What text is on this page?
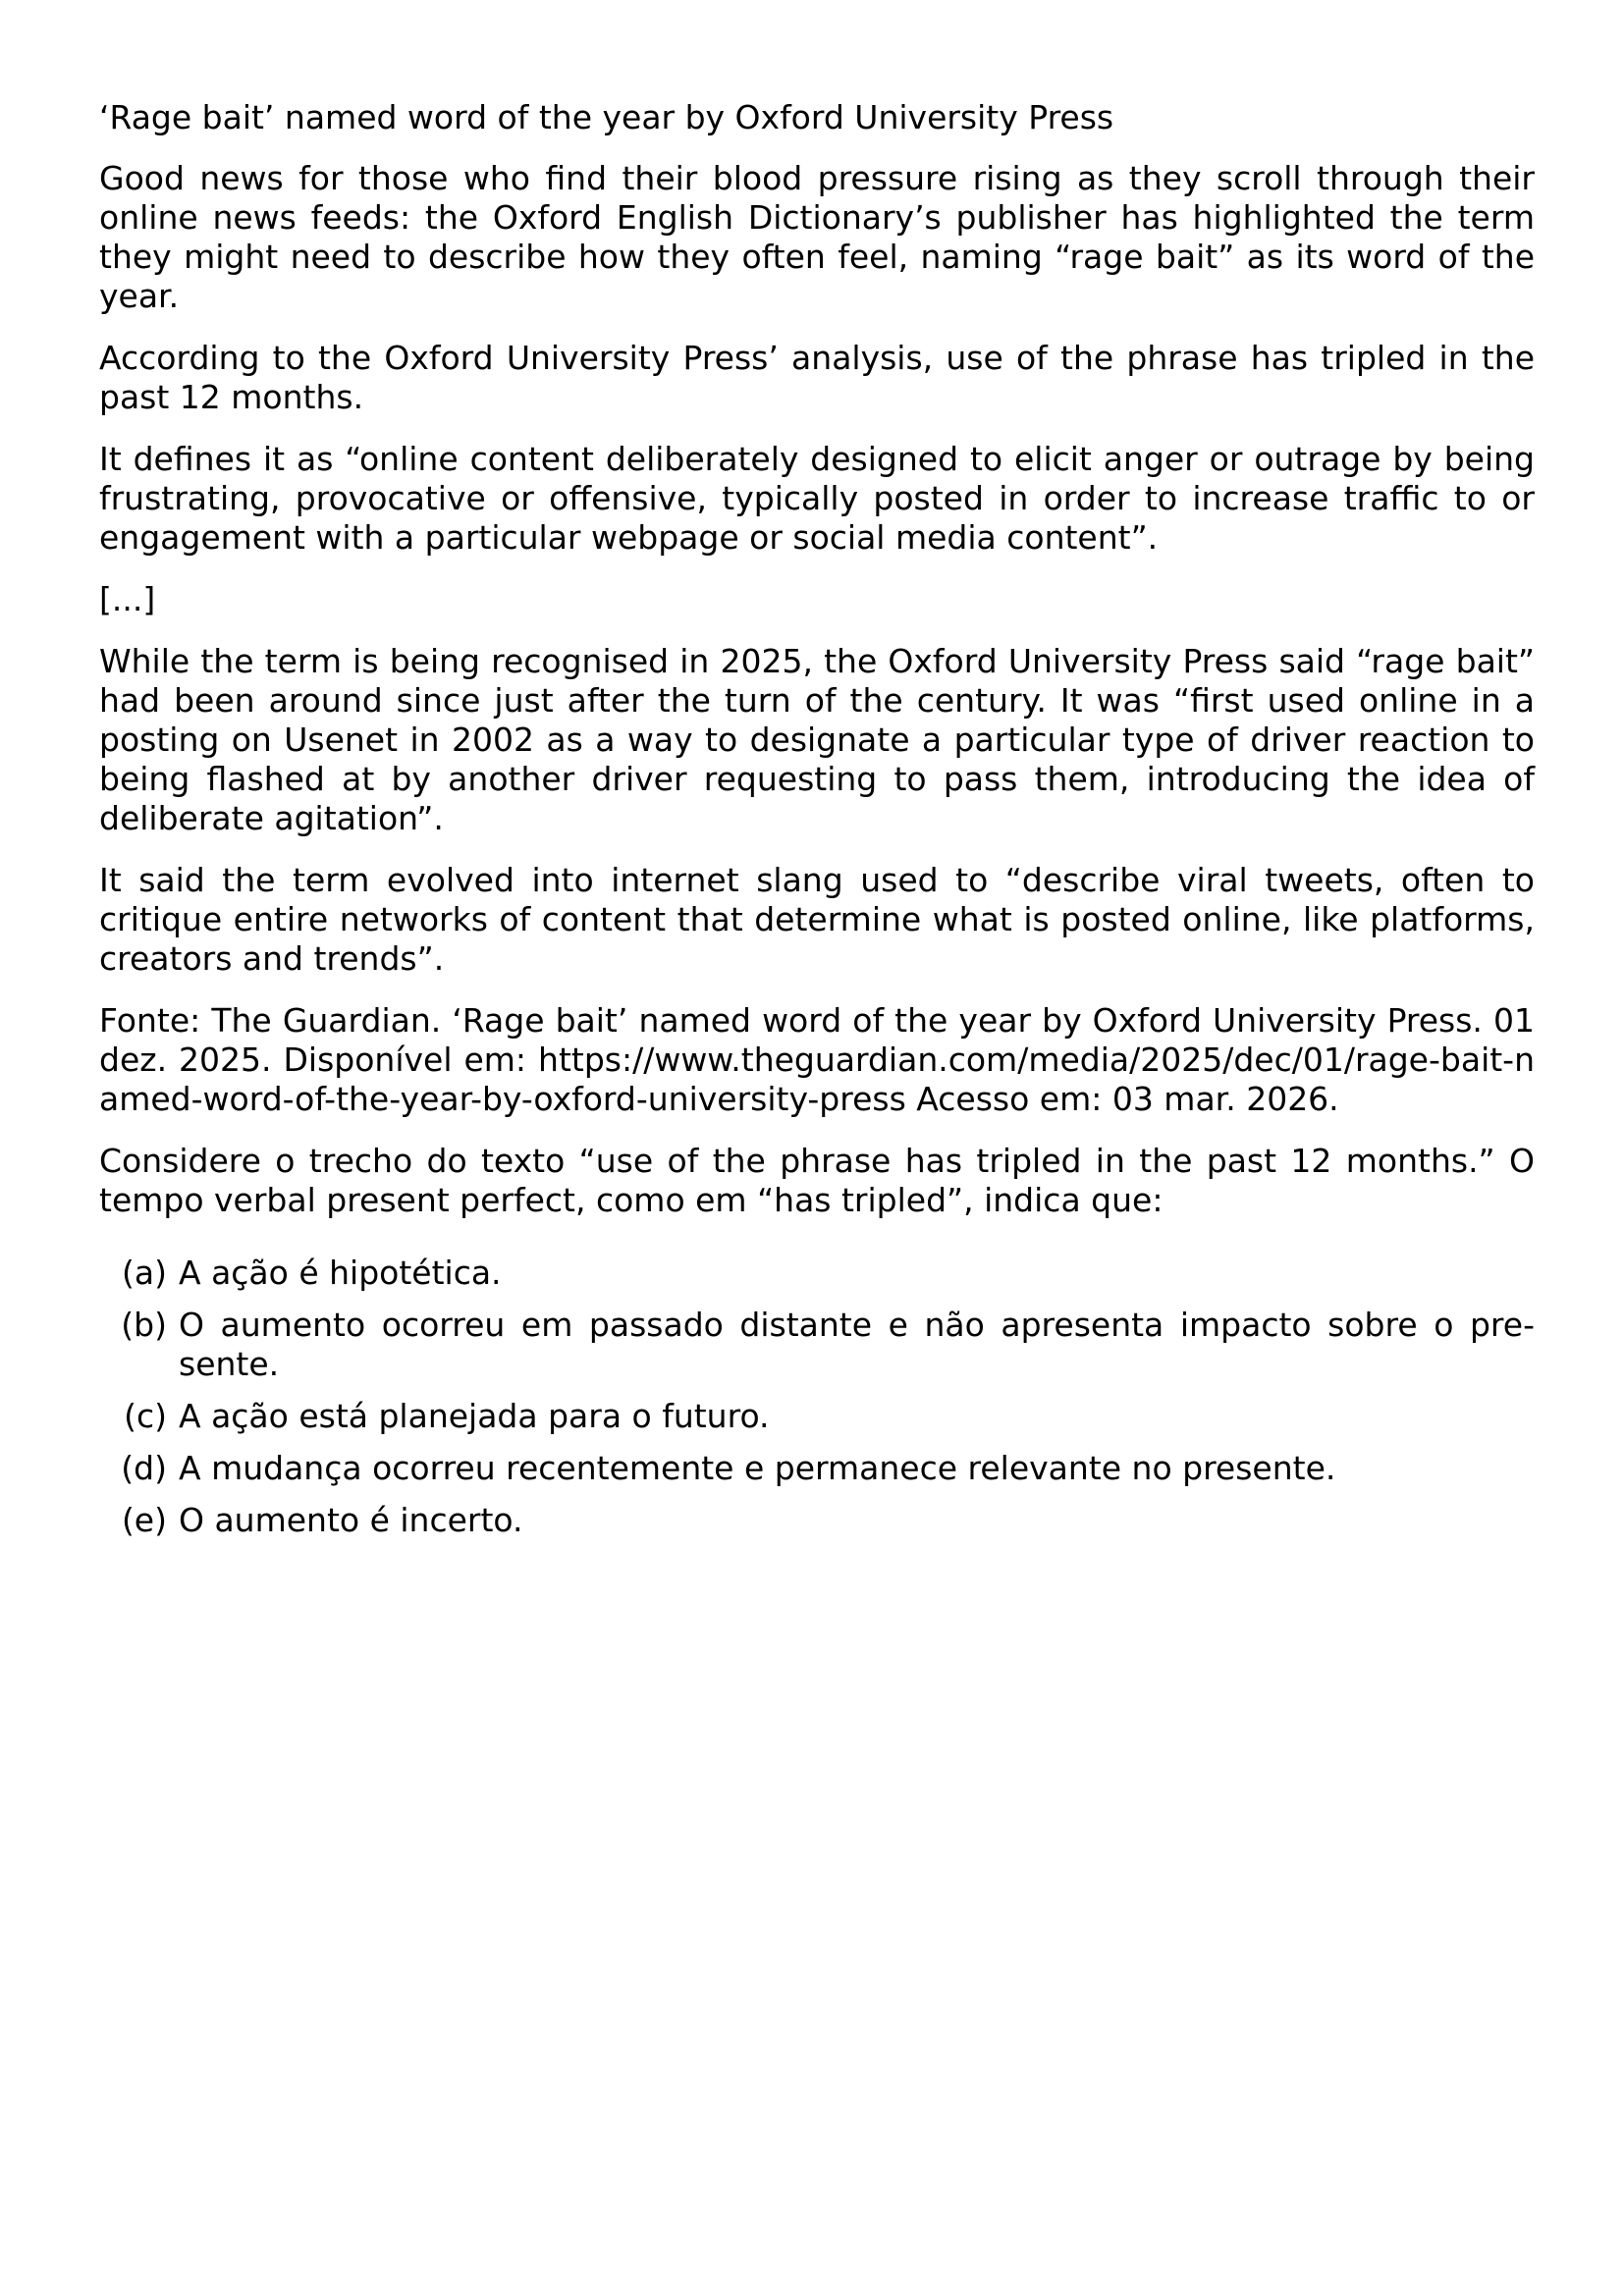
‘Rage bait’ named word of the year by Oxford University Press
Good news for those who find their blood pressure rising as they scroll through their online news feeds: the Oxford English Dictionary’s publisher has highlighted the term they might need to describe how they often feel, naming “rage bait” as its word of the year.
According to the Oxford University Press’ analysis, use of the phrase has tripled in the past 12 months.
It defines it as “online content deliberately designed to elicit anger or outrage by being frustrating, provocative or offensive, typically posted in order to increase traffic to or engagement with a particular webpage or social media content”.
[...]
While the term is being recognised in 2025, the Oxford University Press said “rage bait” had been around since just after the turn of the century. It was “first used online in a posting on Usenet in 2002 as a way to designate a particular type of driver reaction to being flashed at by another driver requesting to pass them, introducing the idea of deliberate agitation”.
It said the term evolved into internet slang used to “describe viral tweets, often to critique entire networks of content that determine what is posted online, like platforms, creators and trends”.
Fonte: The Guardian. ‘Rage bait’ named word of the year by Oxford University Press. 01 dez. 2025. Disponível em: https://www.theguardian.com/media/2025/dec/01/rage-bait-named-word-of-the-year-by-oxford-university-press Acesso em: 03 mar. 2026.
Considere o trecho do texto “use of the phrase has tripled in the past 12 months.” O tempo verbal present perfect, como em “has tripled”, indica que:
(a) A ação é hipotética.
(b) O aumento ocorreu em passado distante e não apresenta impacto sobre o presente.
(c) A ação está planejada para o futuro.
(d) A mudança ocorreu recentemente e permanece relevante no presente.
(e) O aumento é incerto.
